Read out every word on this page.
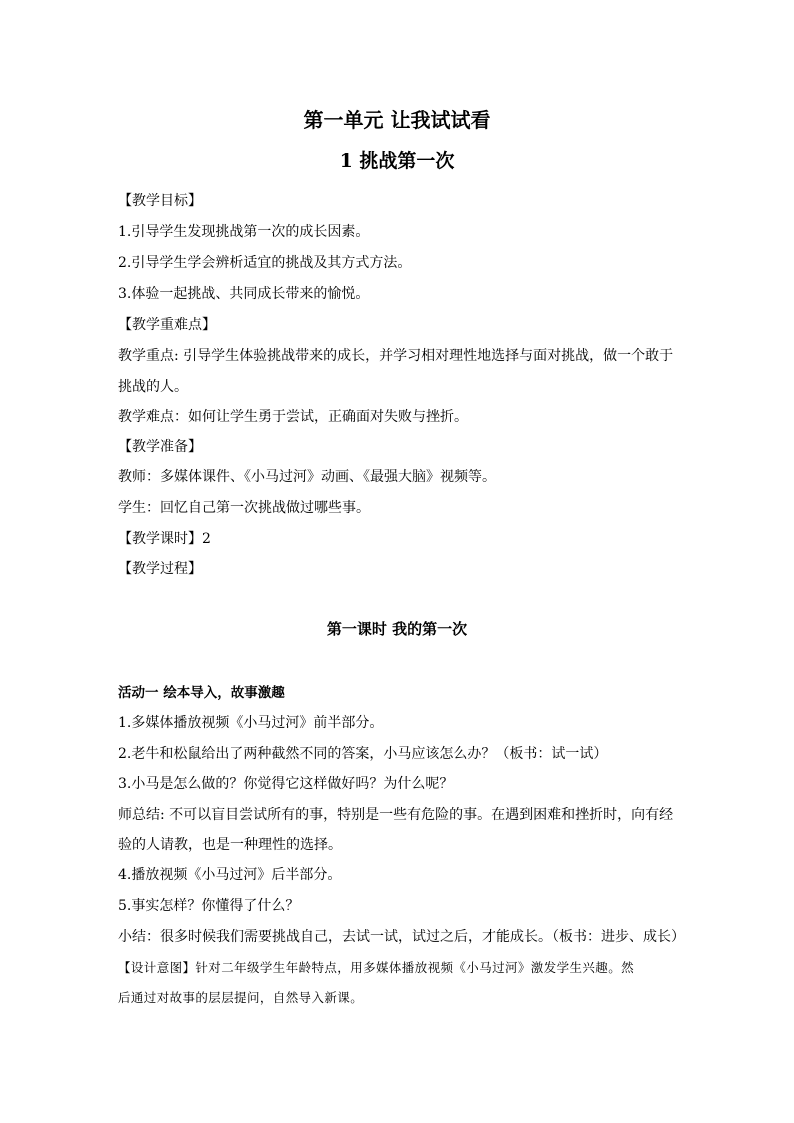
第一单元 让我试试看
1 挑战第一次
【教学目标】
1.引导学生发现挑战第一次的成长因素。
2.引导学生学会辨析适宜的挑战及其方式方法。
3.体验一起挑战、共同成长带来的愉悦。
【教学重难点】
教学重点: 引导学生体验挑战带来的成长，并学习相对理性地选择与面对挑战，做一个敢于
挑战的人。
教学难点：如何让学生勇于尝试，正确面对失败与挫折。
【教学准备】
教师：多媒体课件、《小马过河》动画、《最强大脑》视频等。
学生：回忆自己第一次挑战做过哪些事。
【教学课时】2
【教学过程】
第一课时 我的第一次
活动一 绘本导入，故事激趣
1.多媒体播放视频《小马过河》前半部分。
2.老牛和松鼠给出了两种截然不同的答案，小马应该怎么办？（板书：试一试）
3.小马是怎么做的？你觉得它这样做好吗？为什么呢？
师总结: 不可以盲目尝试所有的事，特别是一些有危险的事。在遇到困难和挫折时，向有经
验的人请教，也是一种理性的选择。
4.播放视频《小马过河》后半部分。
5.事实怎样？你懂得了什么？
小结：很多时候我们需要挑战自己，去试一试，试过之后，才能成长。（板书：进步、成长）
【设计意图】针对二年级学生年龄特点，用多媒体播放视频《小马过河》激发学生兴趣。然
后通过对故事的层层提问，自然导入新课。
